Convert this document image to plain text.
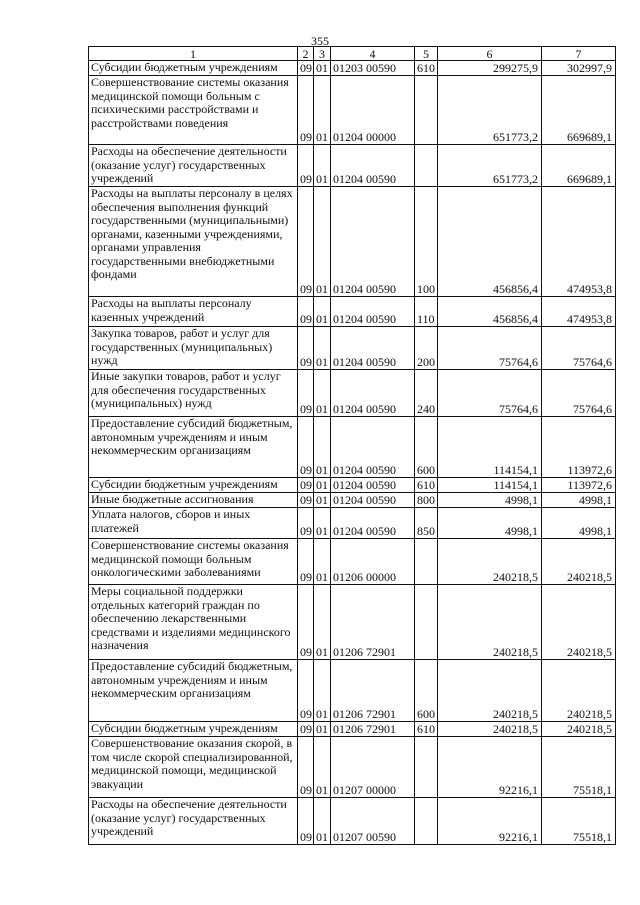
355
1	2	3	4	5	6	7
Субсидии бюджетным учреждениям	09	01	01203 00590	610	299275,9	302997,9
Совершенствование системы оказания медицинской помощи больным с психическими расстройствами и расстройствами поведения	09	01	01204 00000		651773,2	669689,1
Расходы на обеспечение деятельности (оказание услуг) государственных учреждений	09	01	01204 00590		651773,2	669689,1
Расходы на выплаты персоналу в целях обеспечения выполнения функций государственными (муниципальными) органами, казенными учреждениями, органами управления государственными внебюджетными фондами	09	01	01204 00590	100	456856,4	474953,8
Расходы на выплаты персоналу казенных учреждений	09	01	01204 00590	110	456856,4	474953,8
Закупка товаров, работ и услуг для государственных (муниципальных) нужд	09	01	01204 00590	200	75764,6	75764,6
Иные закупки товаров, работ и услуг для обеспечения государственных (муниципальных) нужд	09	01	01204 00590	240	75764,6	75764,6
Предоставление субсидий бюджетным, автономным учреждениям и иным некоммерческим организациям	09	01	01204 00590	600	114154,1	113972,6
Субсидии бюджетным учреждениям	09	01	01204 00590	610	114154,1	113972,6
Иные бюджетные ассигнования	09	01	01204 00590	800	4998,1	4998,1
Уплата налогов, сборов и иных платежей	09	01	01204 00590	850	4998,1	4998,1
Совершенствование системы оказания медицинской помощи больным онкологическими заболеваниями	09	01	01206 00000		240218,5	240218,5
Меры социальной поддержки отдельных категорий граждан по обеспечению лекарственными средствами и изделиями медицинского назначения	09	01	01206 72901		240218,5	240218,5
Предоставление субсидий бюджетным, автономным учреждениям и иным некоммерческим организациям	09	01	01206 72901	600	240218,5	240218,5
Субсидии бюджетным учреждениям	09	01	01206 72901	610	240218,5	240218,5
Совершенствование оказания скорой, в том числе скорой специализированной, медицинской помощи, медицинской эвакуации	09	01	01207 00000		92216,1	75518,1
Расходы на обеспечение деятельности (оказание услуг) государственных учреждений	09	01	01207 00590		92216,1	75518,1
